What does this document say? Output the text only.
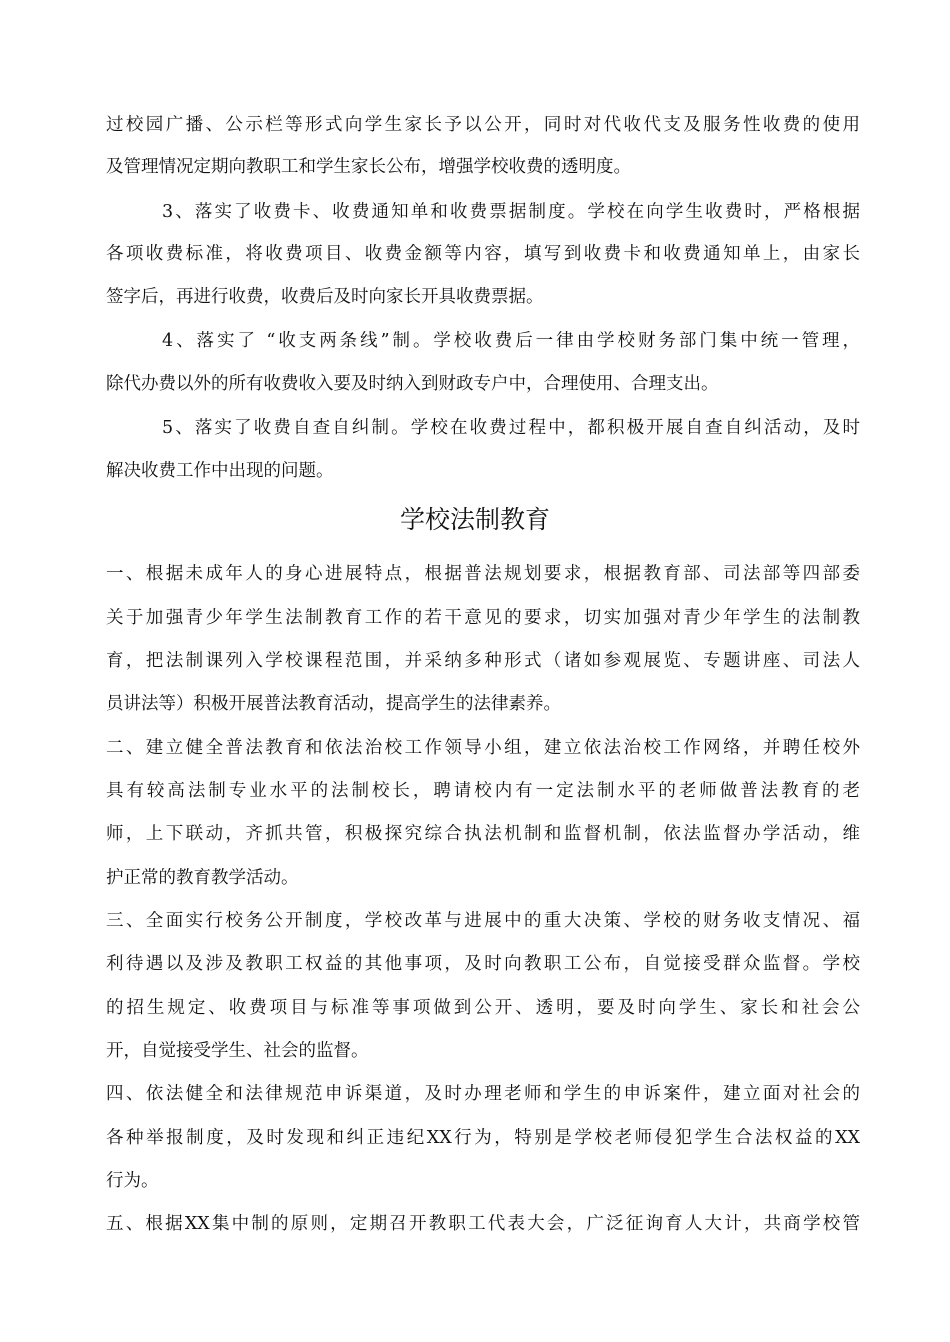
过校园广播、公示栏等形式向学生家长予以公开，同时对代收代支及服务性收费的使用
及管理情况定期向教职工和学生家长公布，增强学校收费的透明度。
3、落实了收费卡、收费通知单和收费票据制度。学校在向学生收费时，严格根据
各项收费标准，将收费项目、收费金额等内容，填写到收费卡和收费通知单上，由家长
签字后，再进行收费，收费后及时向家长开具收费票据。
4、落实了 “收支两条线”制。学校收费后一律由学校财务部门集中统一管理，
除代办费以外的所有收费收入要及时纳入到财政专户中，合理使用、合理支出。
5、落实了收费自查自纠制。学校在收费过程中，都积极开展自查自纠活动，及时
解决收费工作中出现的问题。
学校法制教育
一、根据未成年人的身心进展特点，根据普法规划要求，根据教育部、司法部等四部委
关于加强青少年学生法制教育工作的若干意见的要求，切实加强对青少年学生的法制教
育，把法制课列入学校课程范围，并采纳多种形式（诸如参观展览、专题讲座、司法人
员讲法等）积极开展普法教育活动，提高学生的法律素养。
二、建立健全普法教育和依法治校工作领导小组，建立依法治校工作网络，并聘任校外
具有较高法制专业水平的法制校长，聘请校内有一定法制水平的老师做普法教育的老
师，上下联动，齐抓共管，积极探究综合执法机制和监督机制，依法监督办学活动，维
护正常的教育教学活动。
三、全面实行校务公开制度，学校改革与进展中的重大决策、学校的财务收支情况、福
利待遇以及涉及教职工权益的其他事项，及时向教职工公布，自觉接受群众监督。学校
的招生规定、收费项目与标准等事项做到公开、透明，要及时向学生、家长和社会公
开，自觉接受学生、社会的监督。
四、依法健全和法律规范申诉渠道，及时办理老师和学生的申诉案件，建立面对社会的
各种举报制度，及时发现和纠正违纪XX行为，特别是学校老师侵犯学生合法权益的XX
行为。
五、根据XX集中制的原则，定期召开教职工代表大会，广泛征询育人大计，共商学校管
